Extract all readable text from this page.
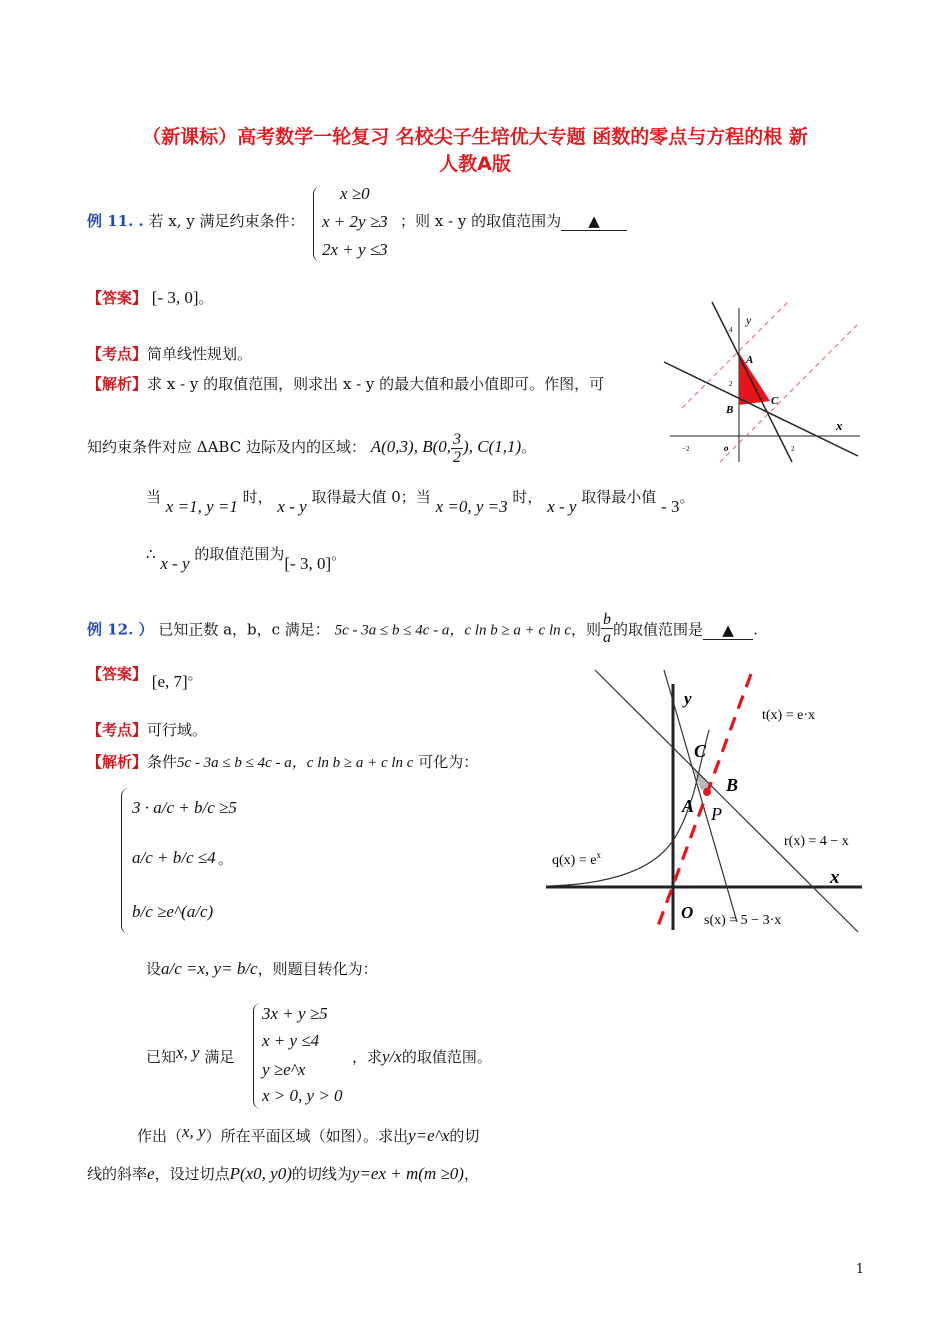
（新课标）高考数学一轮复习 名校尖子生培优大专题 函数的零点与方程的根 新
人教A版
例 11. . 若 x, y 满足约束条件：
x ≥0
x + 2y ≥3
2x + y ≤3
；则 x - y 的取值范围为 ▲
【答案】 [- 3, 0]。
【考点】简单线性规划。
【解析】求 x - y 的取值范围，则求出 x - y 的最大值和最小值即可。作图，可
知约束条件对应 ΔABC 边际及内的区域： A(0,3), B(0, $\frac{3}{2}$ ), C(1,1)。
当 x =1, y =1 时， x - y 取得最大值 0；当 x =0, y =3 时， x - y 取得最小值 - 3。
∴ x - y 的取值范围为[- 3, 0]。
y
x
4
2
−2	o	2
A
B
C
例 12. ） 已知正数 a，b，c 满足： 5c - 3a ≤ b ≤ 4c - a，c ln b ≥ a + c ln c，则 $\frac{b}{a}$ 的取值范围是 ▲ .
【答案】 [e, 7]。
【考点】可行域。
【解析】条件5c - 3a ≤ b ≤ 4c - a，c ln b ≥ a + c ln c 可化为：
3 · a/c + b/c ≥5
a/c + b/c ≤4
b/c ≥e^(a/c)
。
设a/c =x, y= b/c，则题目转化为：
已知x, y 满足
3x + y ≥5
x + y ≤4
y ≥e^x
x > 0, y > 0
，求y/x的取值范围。
作出（x, y）所在平面区域（如图）。求出y=e^x的切
线的斜率e，设过切点P(x0, y0)的切线为y=ex + m(m ≥0)，
y
x
O
C
B
A P
t(x) = e·x
r(x) = 4 − x
$q(x) = e^x$
s(x) = 5 − 3·x
1
